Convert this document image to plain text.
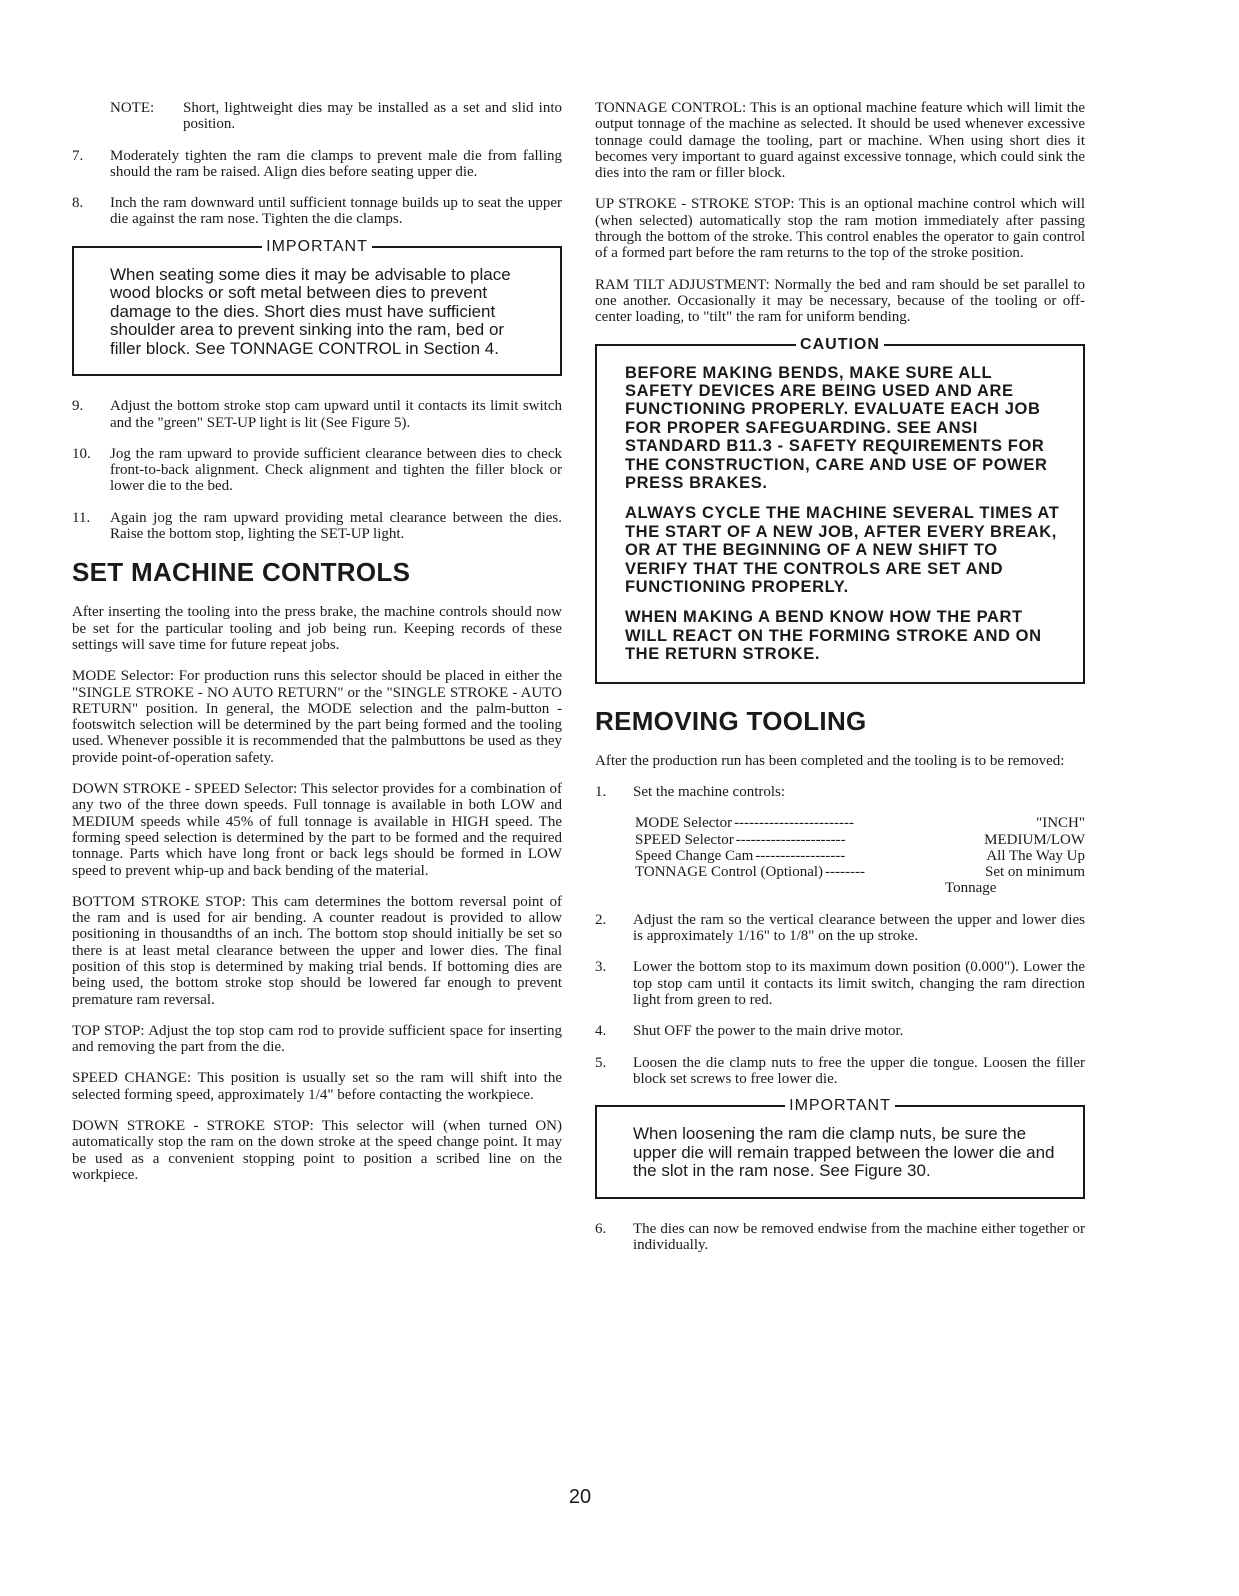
NOTE:	Short, lightweight dies may be installed as a set and slid into position.
7.	Moderately tighten the ram die clamps to prevent male die from falling should the ram be raised. Align dies before seating upper die.
8.	Inch the ram downward until sufficient tonnage builds up to seat the upper die against the ram nose. Tighten the die clamps.
IMPORTANT

When seating some dies it may be advisable to place wood blocks or soft metal between dies to prevent damage to the dies. Short dies must have sufficient shoulder area to prevent sinking into the ram, bed or filler block. See TONNAGE CONTROL in Section 4.

9.	Adjust the bottom stroke stop cam upward until it contacts its limit switch and the "green" SET-UP light is lit (See Figure 5).
10.	Jog the ram upward to provide sufficient clearance between dies to check front-to-back alignment. Check alignment and tighten the filler block or lower die to the bed.
11.	Again jog the ram upward providing metal clearance between the dies. Raise the bottom stop, lighting the SET-UP light.
SET MACHINE CONTROLS

After inserting the tooling into the press brake, the machine controls should now be set for the particular tooling and job being run. Keeping records of these settings will save time for future repeat jobs.

MODE Selector: For production runs this selector should be placed in either the "SINGLE STROKE - NO AUTO RETURN" or the "SINGLE STROKE - AUTO RETURN" position. In general, the MODE selection and the palm-button - footswitch selection will be determined by the part being formed and the tooling used. Whenever possible it is recommended that the palmbuttons be used as they provide point-of-operation safety.

DOWN STROKE - SPEED Selector: This selector provides for a combination of any two of the three down speeds. Full tonnage is available in both LOW and MEDIUM speeds while 45% of full tonnage is available in HIGH speed. The forming speed selection is determined by the part to be formed and the required tonnage. Parts which have long front or back legs should be formed in LOW speed to prevent whip-up and back bending of the material.

BOTTOM STROKE STOP: This cam determines the bottom reversal point of the ram and is used for air bending. A counter readout is provided to allow positioning in thousandths of an inch. The bottom stop should initially be set so there is at least metal clearance between the upper and lower dies. The final position of this stop is determined by making trial bends. If bottoming dies are being used, the bottom stroke stop should be lowered far enough to prevent premature ram reversal.

TOP STOP: Adjust the top stop cam rod to provide sufficient space for inserting and removing the part from the die.

SPEED CHANGE: This position is usually set so the ram will shift into the selected forming speed, approximately 1/4" before contacting the workpiece.

DOWN STROKE - STROKE STOP: This selector will (when turned ON) automatically stop the ram on the down stroke at the speed change point. It may be used as a convenient stopping point to position a scribed line on the workpiece.

TONNAGE CONTROL: This is an optional machine feature which will limit the output tonnage of the machine as selected. It should be used whenever excessive tonnage could damage the tooling, part or machine. When using short dies it becomes very important to guard against excessive tonnage, which could sink the dies into the ram or filler block.

UP STROKE - STROKE STOP: This is an optional machine control which will (when selected) automatically stop the ram motion immediately after passing through the bottom of the stroke. This control enables the operator to gain control of a formed part before the ram returns to the top of the stroke position.

RAM TILT ADJUSTMENT: Normally the bed and ram should be set parallel to one another. Occasionally it may be necessary, because of the tooling or off-center loading, to "tilt" the ram for uniform bending.

CAUTION

BEFORE MAKING BENDS, MAKE SURE ALL SAFETY DEVICES ARE BEING USED AND ARE FUNCTIONING PROPERLY. EVALUATE EACH JOB FOR PROPER SAFEGUARDING. SEE ANSI STANDARD B11.3 - SAFETY REQUIREMENTS FOR THE CONSTRUCTION, CARE AND USE OF POWER PRESS BRAKES.

ALWAYS CYCLE THE MACHINE SEVERAL TIMES AT THE START OF A NEW JOB, AFTER EVERY BREAK, OR AT THE BEGINNING OF A NEW SHIFT TO VERIFY THAT THE CONTROLS ARE SET AND FUNCTIONING PROPERLY.

WHEN MAKING A BEND KNOW HOW THE PART WILL REACT ON THE FORMING STROKE AND ON THE RETURN STROKE.

REMOVING TOOLING

After the production run has been completed and the tooling is to be removed:

1.	Set the machine controls:
MODE Selector ------------------------	"INCH"
SPEED Selector ----------------------	MEDIUM/LOW
Speed Change Cam ------------------	All The Way Up
TONNAGE Control (Optional) --------	Set on minimum
Tonnage
2.	Adjust the ram so the vertical clearance between the upper and lower dies is approximately 1/16" to 1/8" on the up stroke.
3.	Lower the bottom stop to its maximum down position (0.000"). Lower the top stop cam until it contacts its limit switch, changing the ram direction light from green to red.
4.	Shut OFF the power to the main drive motor.
5.	Loosen the die clamp nuts to free the upper die tongue. Loosen the filler block set screws to free lower die.
IMPORTANT

When loosening the ram die clamp nuts, be sure the upper die will remain trapped between the lower die and the slot in the ram nose. See Figure 30.

6.	The dies can now be removed endwise from the machine either together or individually.
20
